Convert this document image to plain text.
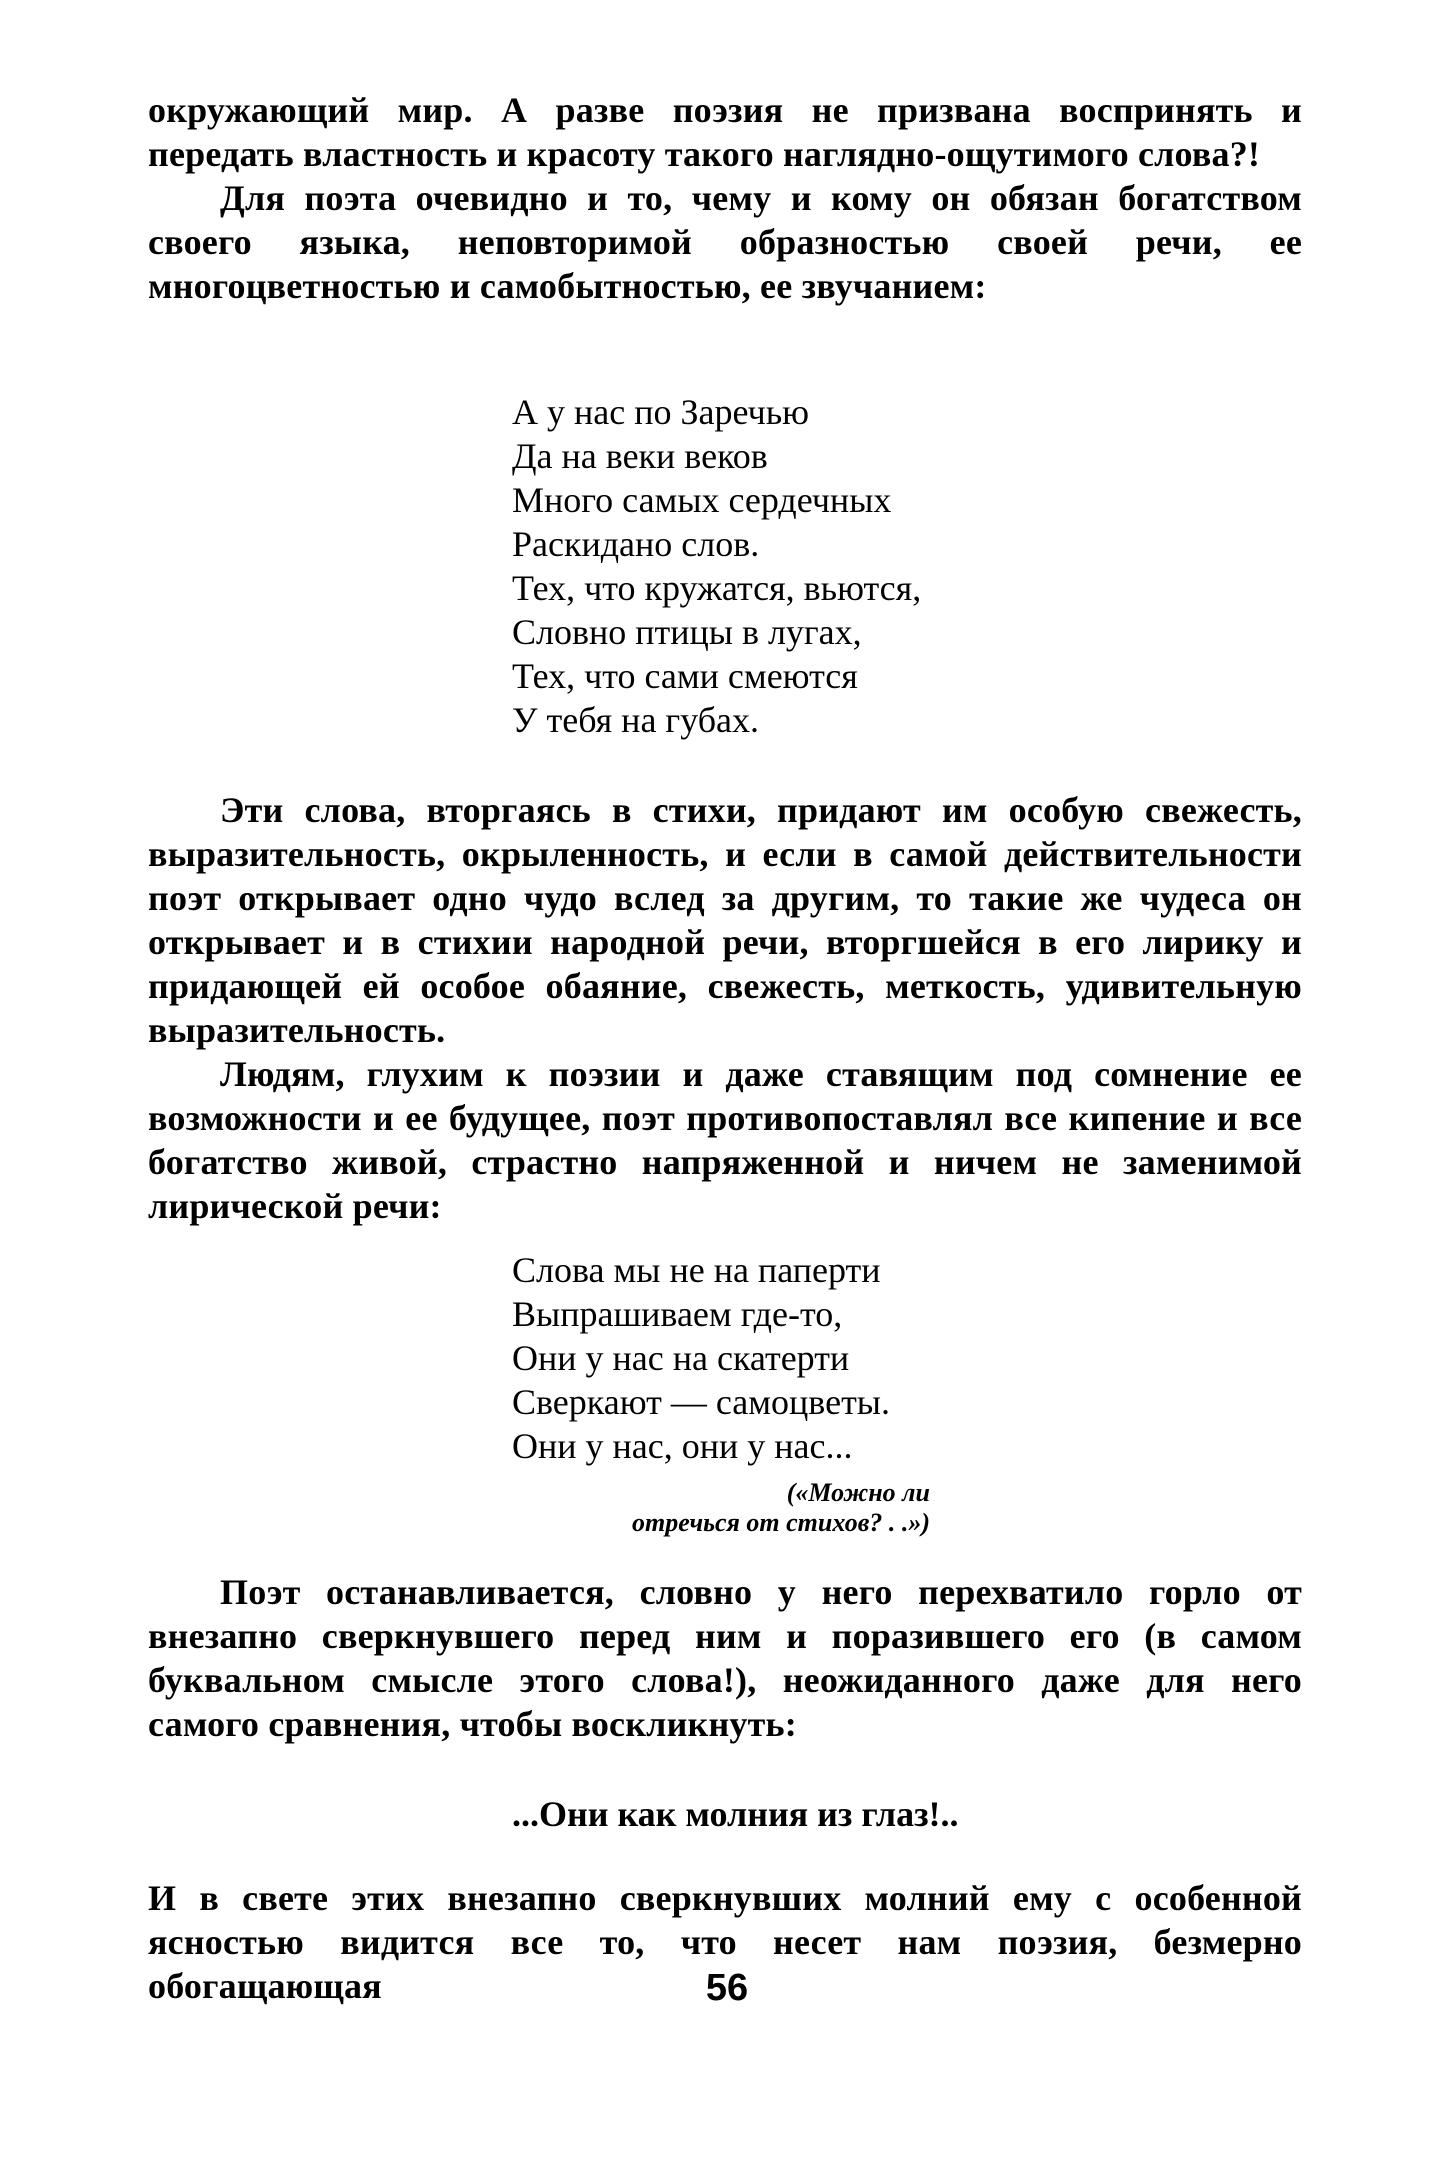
окружающий мир. А разве поэзия не призвана воспринять и передать властность и красоту такого наглядно-ощутимого слова?!

Для поэта очевидно и то, чему и кому он обязан богатством своего языка, неповторимой образностью своей речи, ее многоцветностью и самобытностью, ее звучанием:

А у нас по Заречью
Да на веки веков
Много самых сердечных
Раскидано слов.
Тех, что кружатся, вьются,
Словно птицы в лугах,
Тех, что сами смеются
У тебя на губах.

Эти слова, вторгаясь в стихи, придают им особую свежесть, выразительность, окрыленность, и если в самой действительности поэт открывает одно чудо вслед за другим, то такие же чудеса он открывает и в стихии народной речи, вторгшейся в его лирику и придающей ей особое обаяние, свежесть, меткость, удивительную выразительность.

Людям, глухим к поэзии и даже ставящим под сомнение ее возможности и ее будущее, поэт противопоставлял все кипение и все богатство живой, страстно напряженной и ничем не заменимой лирической речи:

Слова мы не на паперти
Выпрашиваем где-то,
Они у нас на скатерти
Сверкают — самоцветы.
Они у нас, они у нас...
(«Можно ли
отречься от стихов? . .»)

Поэт останавливается, словно у него перехватило горло от внезапно сверкнувшего перед ним и поразившего его (в самом буквальном смысле этого слова!), неожиданного даже для него самого сравнения, чтобы воскликнуть:

...Они как молния из глаз!..

И в свете этих внезапно сверкнувших молний ему с особенной ясностью видится все то, что несет нам поэзия, безмерно обогащающая	56
